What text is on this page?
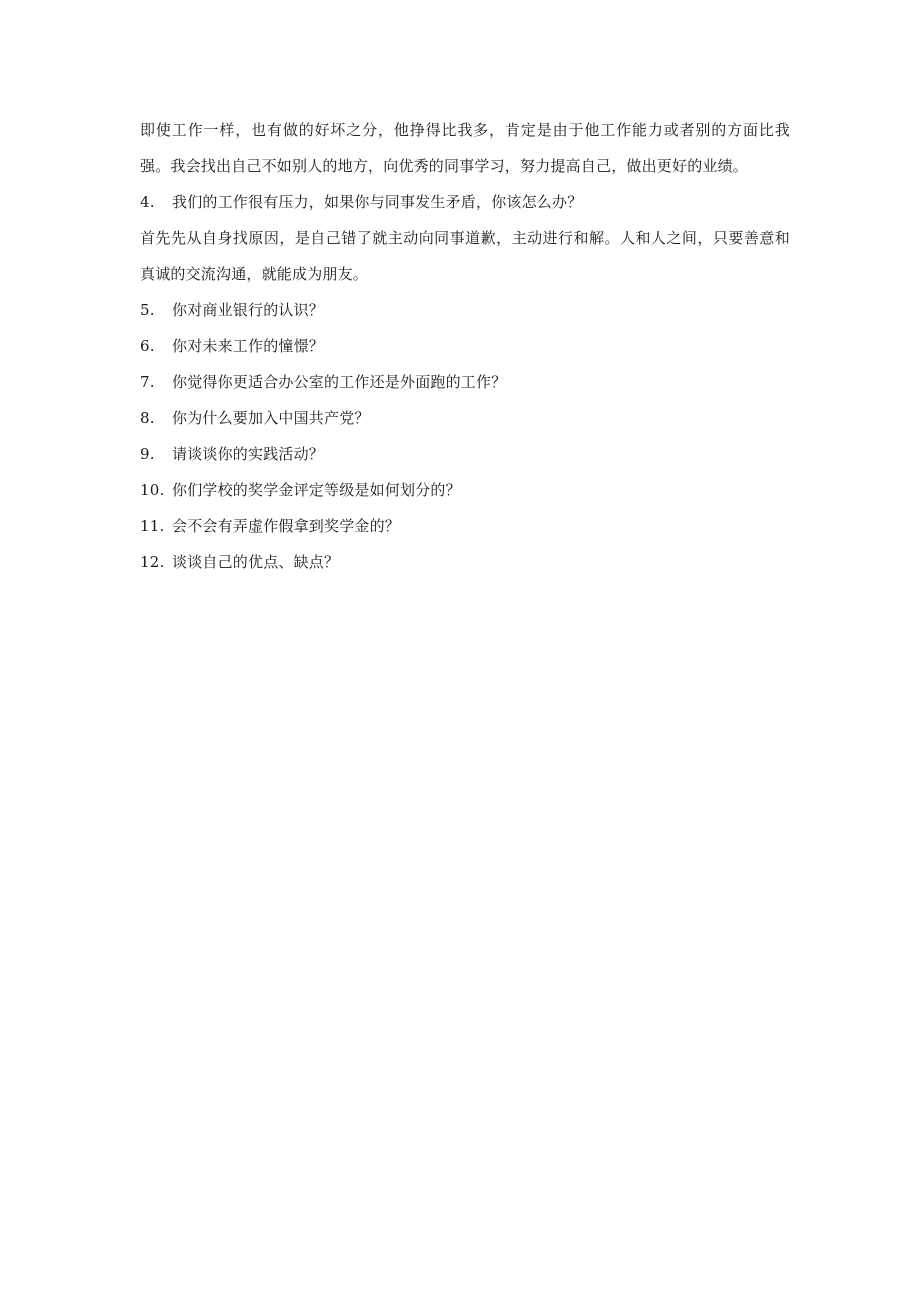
即使工作一样，也有做的好坏之分，他挣得比我多，肯定是由于他工作能力或者别的方面比我强。我会找出自己不如别人的地方，向优秀的同事学习，努力提高自己，做出更好的业绩。

4.	我们的工作很有压力，如果你与同事发生矛盾，你该怎么办？

首先先从自身找原因，是自己错了就主动向同事道歉，主动进行和解。人和人之间，只要善意和真诚的交流沟通，就能成为朋友。

5.	你对商业银行的认识？
6.	你对未来工作的憧憬？
7.	你觉得你更适合办公室的工作还是外面跑的工作？
8.	你为什么要加入中国共产党？
9.	请谈谈你的实践活动？
10. 你们学校的奖学金评定等级是如何划分的？
11. 会不会有弄虚作假拿到奖学金的？
12. 谈谈自己的优点、缺点？
